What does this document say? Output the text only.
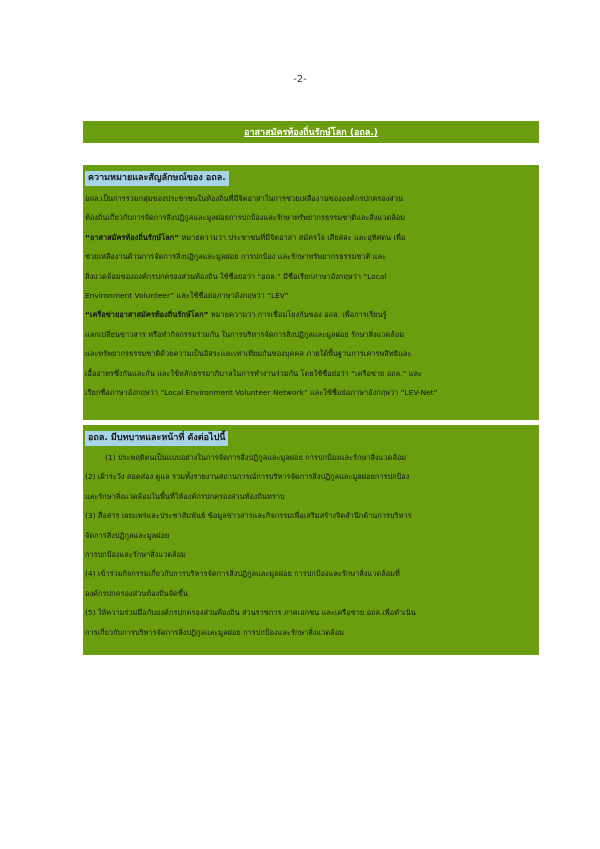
-2-
อาสาสมัครท้องถิ่นรักษ์โลก (อถล.)
ความหมายและสัญลักษณ์ของ อถล.
อถล.เป็นการรวมกลุ่มของประชาชนในท้องถิ่นที่มีจิตอาสาในการช่วยเหลืองานขององค์กรปกครองส่วน
ท้องถิ่นเกี่ยวกับการจัดการสิ่งปฏิกูลและมูลฝอยการปกป้องและรักษาทรัพยากรธรรมชาติและสิ่งแวดล้อม
“อาสาสมัครท้องถิ่นรักษ์โลก” หมายความว่า ประชาชนที่มีจิตอาสา สมัครใจ เสียสละ และอุทิศตน เพื่อ
ช่วยเหลืองานด้านการจัดการสิ่งปฏิกูลและมูลฝอย การปกป้อง และรักษาทรัพยากรธรรมชาติ และ
สิ่งแวดล้อมขององค์กรปกครองส่วนท้องถิ่น ใช้ชื่อย่อว่า “อถล.” มีชื่อเรียกภาษาอังกฤษว่า “Local
Environment Volunteer” และใช้ชื่อย่อภาษาอังกฤษว่า “LEV”
“เครือข่ายอาสาสมัครท้องถิ่นรักษ์โลก” หมายความว่า การเชื่อมโยงกันของ อถล. เพื่อการเรียนรู้
แลกเปลี่ยนข่าวสาร หรือทำกิจกรรมร่วมกัน ในการบริหารจัดการสิ่งปฏิกูลและมูลฝอย รักษาสิ่งแวดล้อม
และทรัพยากรธรรมชาติด้วยความเป็นอิสระและเท่าเทียมกันของบุคคล ภายใต้พื้นฐานการเคารพสิทธิและ
เอื้ออาทรซึ่งกันและกัน และใช้หลักธรรมาภิบาลในการทำงานร่วมกัน โดยใช้ชื่อย่อว่า “เครือข่าย อถล.” และ
เรียกชื่อภาษาอังกฤษว่า “Local Environment Volunteer Network” และใช้ชื่อย่อภาษาอังกฤษว่า “LEV-Net”
อถล. มีบทบาทและหน้าที่ ดังต่อไปนี้
(1) ประพฤติตนเป็นแบบอย่างในการจัดการสิ่งปฏิกูลและมูลฝอย การปกป้องและรักษาสิ่งแวดล้อม
(2) เฝ้าระวัง สอดส่อง ดูแล รวมทั้งรายงานสถานการณ์การบริหารจัดการสิ่งปฏิกูลและมูลฝอยการปกป้อง
และรักษาสิ่งแวดล้อมในพื้นที่ให้องค์กรปกครองส่วนท้องถิ่นทราบ
(3) สื่อสาร เผยแพร่และประชาสัมพันธ์ ข้อมูลข่าวสารและกิจกรรมเพื่อเสริมสร้างจิตสำนึกด้านการบริหาร
จัดการสิ่งปฏิกูลและมูลฝอย
การปกป้องและรักษาสิ่งแวดล้อม
(4) เข้าร่วมกิจกรรมเกี่ยวกับการบริหารจัดการสิ่งปฏิกูลและมูลฝอย การปกป้องและรักษาสิ่งแวดล้อมที่
องค์กรปกครองส่วนท้องถิ่นจัดขึ้น
(5) ให้ความร่วมมือกับองค์กรปกครองส่วนท้องถิ่น ส่วนราชการ ภาคเอกชน และเครือข่าย อถล.เพื่อดำเนิน
การเกี่ยวกับการบริหารจัดการสิ่งปฏิกูลและมูลฝอย การปกป้องและรักษาสิ่งแวดล้อม
